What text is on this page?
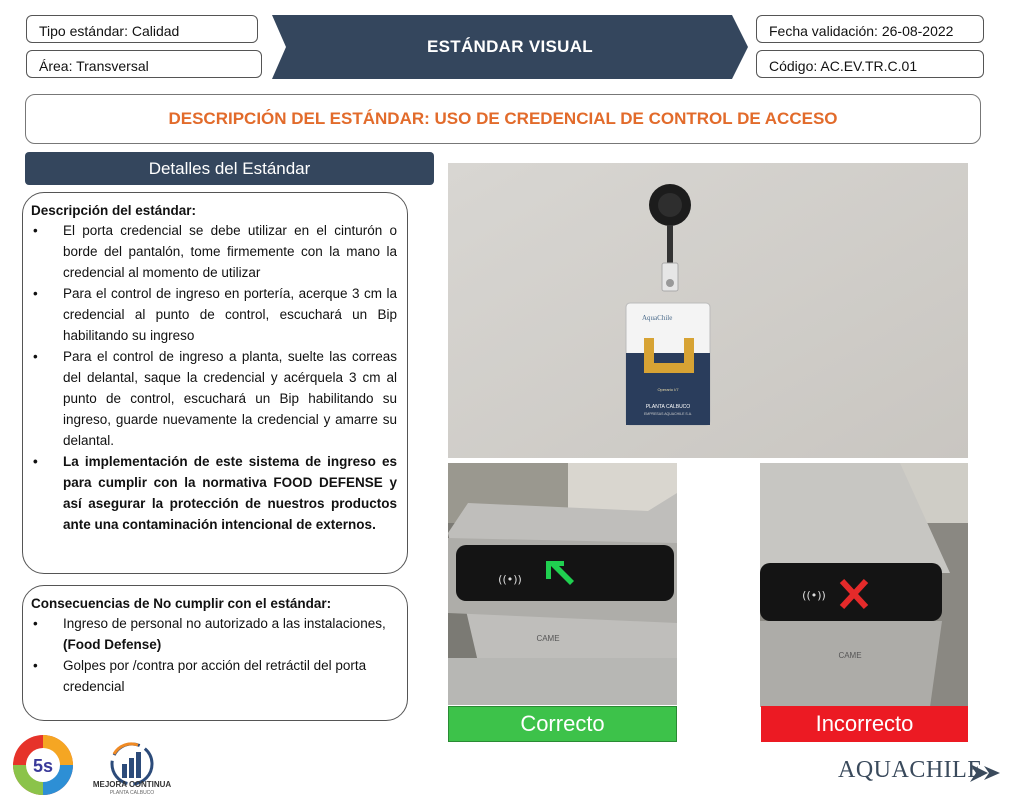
Tipo estándar: Calidad
Área: Transversal
ESTÁNDAR VISUAL
Fecha validación: 26-08-2022
Código: AC.EV.TR.C.01
DESCRIPCIÓN DEL ESTÁNDAR: USO DE CREDENCIAL DE CONTROL DE ACCESO
Detalles del Estándar
Descripción del estándar:
• El porta credencial se debe utilizar en el cinturón o borde del pantalón, tome firmemente con la mano la credencial al momento de utilizar
• Para el control de ingreso en portería, acerque 3 cm la credencial al punto de control, escuchará un Bip habilitando su ingreso
• Para el control de ingreso a planta, suelte las correas del delantal, saque la credencial y acérquela 3 cm al punto de control, escuchará un Bip habilitando su ingreso, guarde nuevamente la credencial y amarre su delantal.
• La implementación de este sistema de ingreso es para cumplir con la normativa FOOD DEFENSE y así asegurar la protección de nuestros productos ante una contaminación intencional de externos.
Consecuencias de No cumplir con el estándar:
• Ingreso de personal no autorizado a las instalaciones, (Food Defense)
• Golpes por /contra por acción del retráctil del porta credencial
AquaChile
Operario I/7
PLANTA CALBUCO
EMPRESAS AQUACHILE S.A.
((•))
CAME
Correcto
((•))
CAME
Incorrecto
5s
MEJORA CONTINUA
PLANTA CALBUCO
AQUACHILE
